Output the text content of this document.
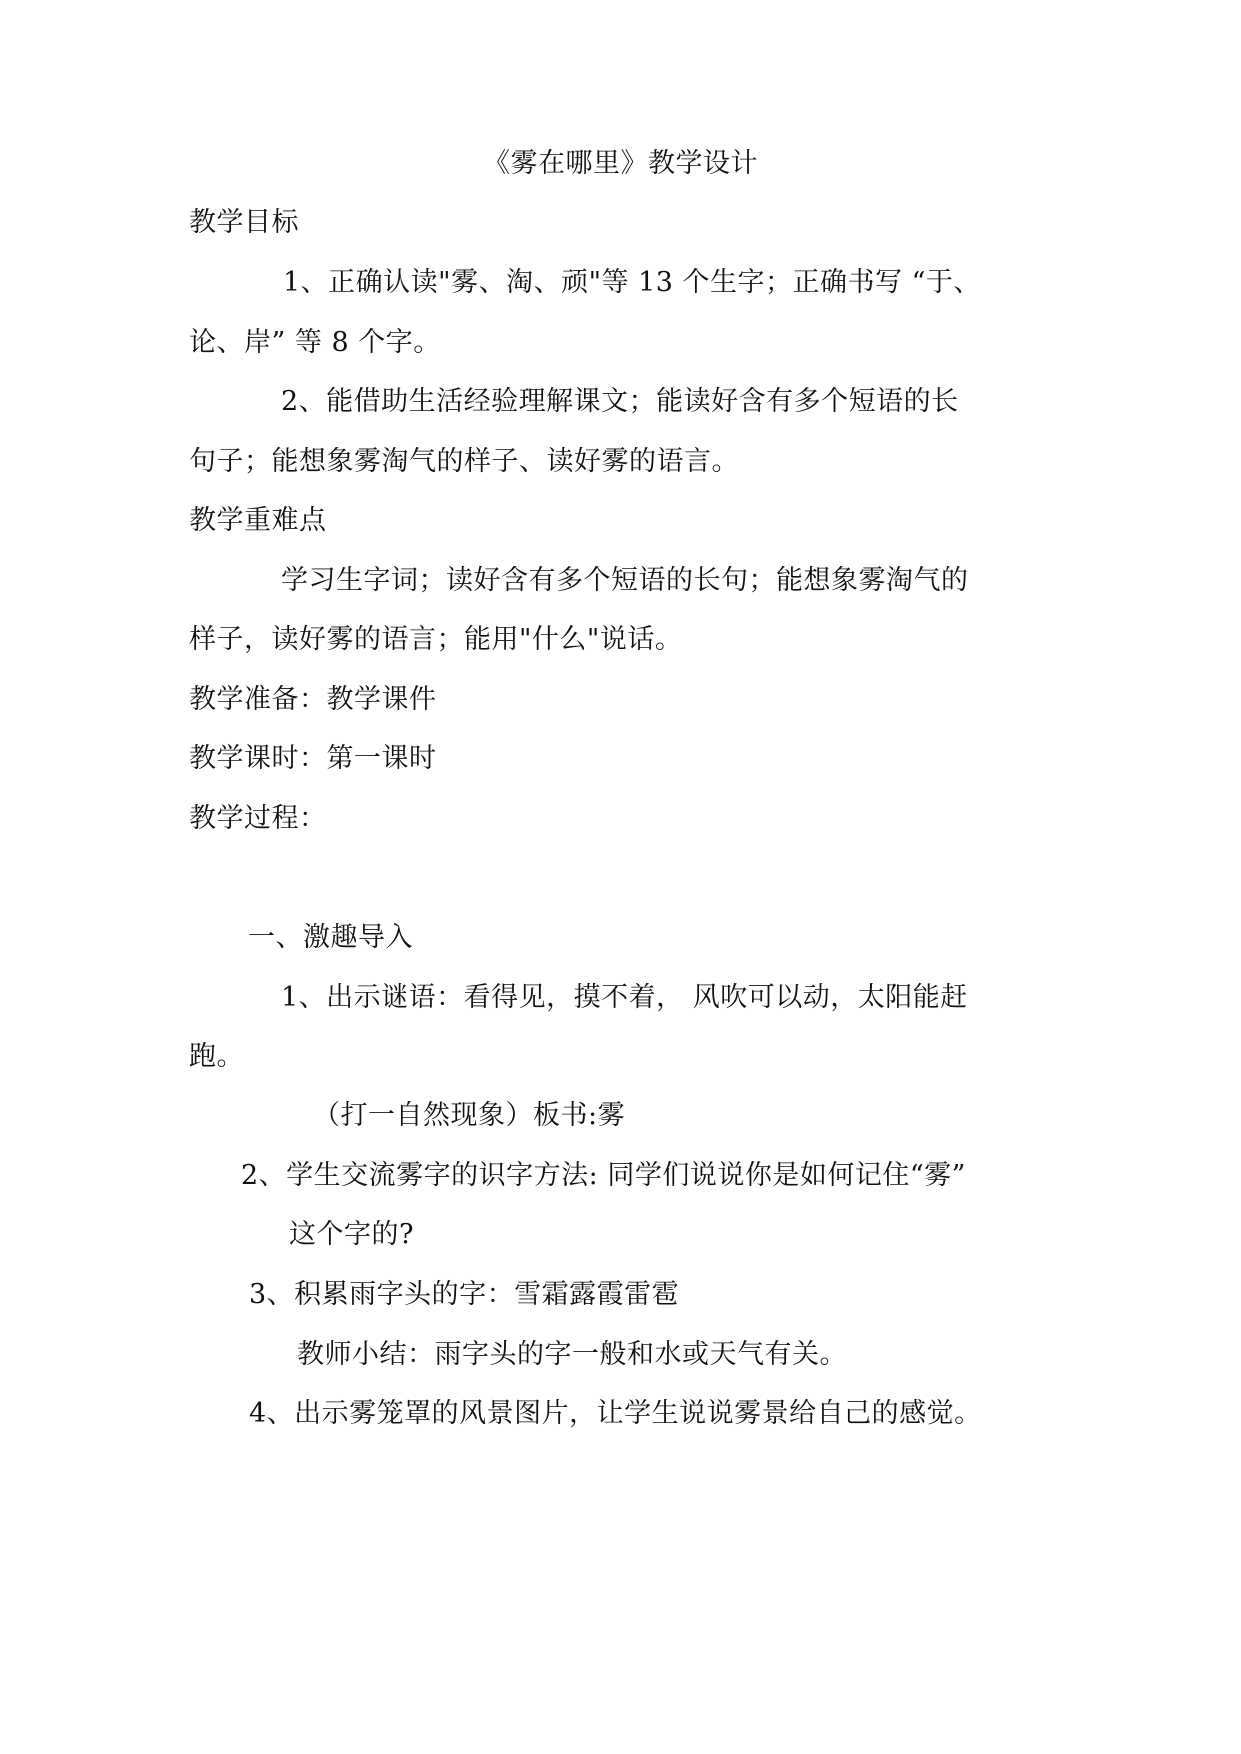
《雾在哪里》教学设计
教学目标
1、正确认读"雾、淘、顽"等 13 个生字；正确书写 “于、
论、岸” 等 8 个字。
2、能借助生活经验理解课文；能读好含有多个短语的长
句子；能想象雾淘气的样子、读好雾的语言。
教学重难点
学习生字词；读好含有多个短语的长句；能想象雾淘气的
样子，读好雾的语言；能用"什么"说话。
教学准备：教学课件
教学课时：第一课时
教学过程：
一、激趣导入
1、出示谜语：看得见，摸不着， 风吹可以动，太阳能赶
跑。
（打一自然现象）板书:雾
2、学生交流雾字的识字方法: 同学们说说你是如何记住“雾”
这个字的?
3、积累雨字头的字：雪霜露霞雷雹
教师小结：雨字头的字一般和水或天气有关。
4、出示雾笼罩的风景图片，让学生说说雾景给自己的感觉。
